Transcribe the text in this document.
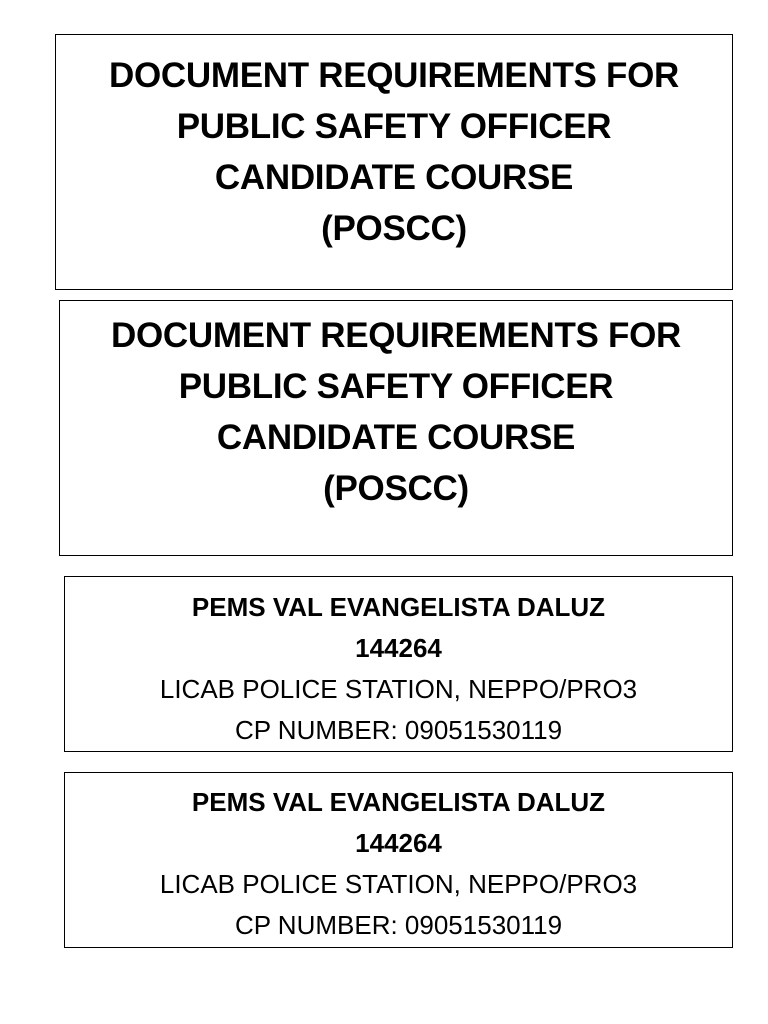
DOCUMENT REQUIREMENTS FOR
PUBLIC SAFETY OFFICER
CANDIDATE COURSE
(POSCC)
DOCUMENT REQUIREMENTS FOR
PUBLIC SAFETY OFFICER
CANDIDATE COURSE
(POSCC)
PEMS VAL EVANGELISTA DALUZ
144264
LICAB POLICE STATION, NEPPO/PRO3
CP NUMBER: 09051530119
PEMS VAL EVANGELISTA DALUZ
144264
LICAB POLICE STATION, NEPPO/PRO3
CP NUMBER: 09051530119
